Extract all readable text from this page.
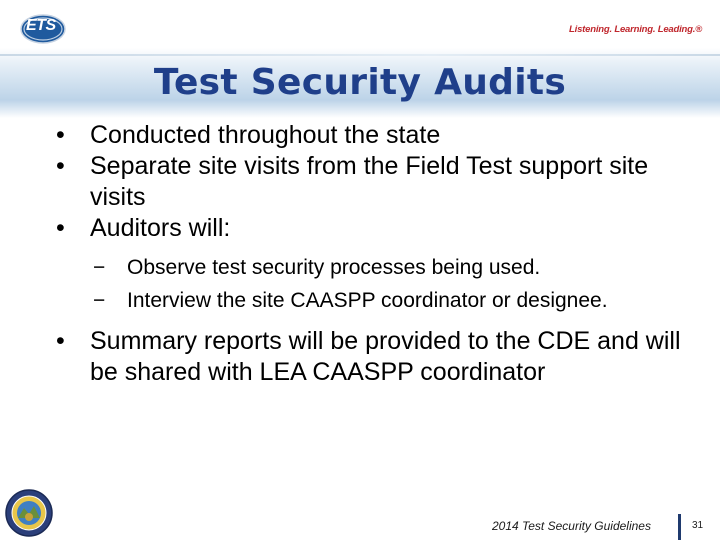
ETS	Listening. Learning. Leading.®
Test Security Audits
• Conducted throughout the state
• Separate site visits from the Field Test support site visits
• Auditors will:
− Observe test security processes being used.
− Interview the site CAASPP coordinator or designee.
• Summary reports will be provided to the CDE and will be shared with LEA CAASPP coordinator
2014 Test Security Guidelines	31
